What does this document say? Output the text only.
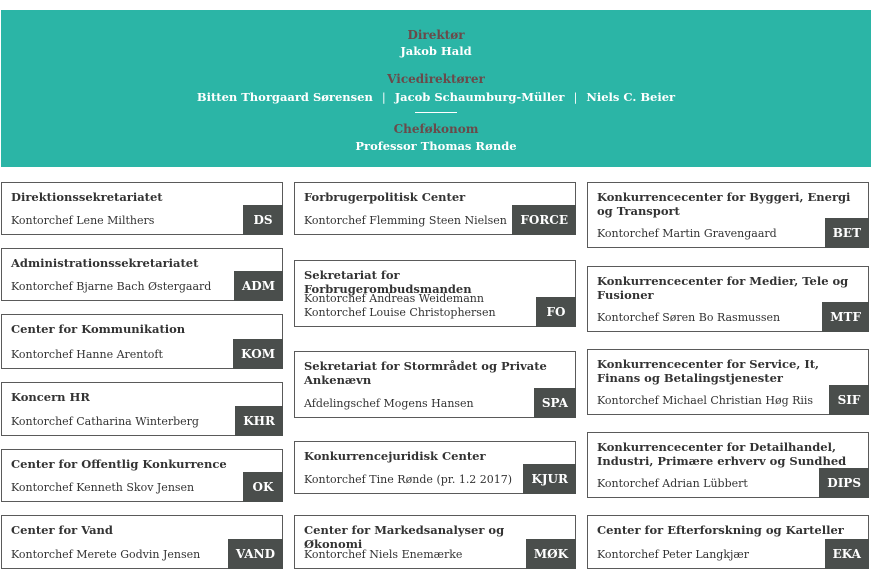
Direktør
Jakob Hald
Vicedirektører
Bitten Thorgaard Sørensen | Jacob Schaumburg-Müller | Niels C. Beier
Cheføkonom
Professor Thomas Rønde
Direktionssekretariatet
Kontorchef Lene Milthers	DS
Administrationssekretariatet
Kontorchef Bjarne Bach Østergaard	ADM
Center for Kommunikation
Kontorchef Hanne Arentoft	KOM
Koncern HR
Kontorchef Catharina Winterberg	KHR
Center for Offentlig Konkurrence
Kontorchef Kenneth Skov Jensen	OK
Center for Vand
Kontorchef Merete Godvin Jensen	VAND
Forbrugerpolitisk Center
Kontorchef Flemming Steen Nielsen	FORCE
Sekretariat for Forbrugerombudsmanden
Kontorchef Andreas Weidemann
Kontorchef Louise Christophersen	FO
Sekretariat for Stormrådet og Private Ankenævn
Afdelingschef Mogens Hansen	SPA
Konkurrencejuridisk Center
Kontorchef Tine Rønde (pr. 1.2 2017)	KJUR
Center for Markedsanalyser og Økonomi
Kontorchef Niels Enemærke	MØK
Konkurrencecenter for Byggeri, Energi og Transport
Kontorchef Martin Gravengaard	BET
Konkurrencecenter for Medier, Tele og Fusioner
Kontorchef Søren Bo Rasmussen	MTF
Konkurrencecenter for Service, It, Finans og Betalingstjenester
Kontorchef Michael Christian Høg Riis	SIF
Konkurrencecenter for Detailhandel, Industri, Primære erhverv og Sundhed
Kontorchef Adrian Lübbert	DIPS
Center for Efterforskning og Karteller
Kontorchef Peter Langkjær	EKA
